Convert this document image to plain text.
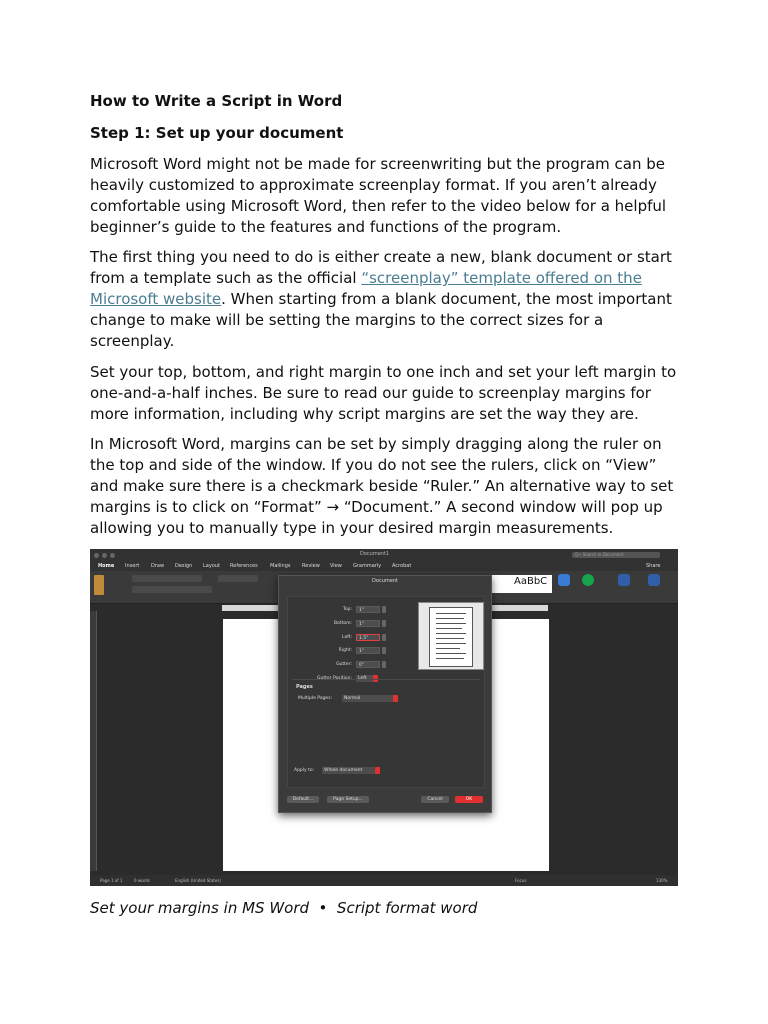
How to Write a Script in Word
Step 1: Set up your document

Microsoft Word might not be made for screenwriting but the program can be heavily customized to approximate screenplay format. If you aren’t already comfortable using Microsoft Word, then refer to the video below for a helpful beginner’s guide to the features and functions of the program.

The first thing you need to do is either create a new, blank document or start from a template such as the official “screenplay” template offered on the Microsoft website. When starting from a blank document, the most important change to make will be setting the margins to the correct sizes for a screenplay.

Set your top, bottom, and right margin to one inch and set your left margin to one-and-a-half inches. Be sure to read our guide to screenplay margins for more information, including why script margins are set the way they are.

In Microsoft Word, margins can be set by simply dragging along the ruler on the top and side of the window. If you do not see the rulers, click on “View” and make sure there is a checkmark beside “Ruler.” An alternative way to set margins is to click on “Format” → “Document.” A second window will pop up allowing you to manually type in your desired margin measurements.

Set your margins in MS Word  •  Script format word
Document1	Q~ Search in Document
Home Insert Draw Design Layout References Mailings Review View Grammarly Acrobat	Share
AaBbC
Document

Top:	1"
Bottom:	1"
Left:	1.5"
Right:	1"
Gutter:	0"
Pages
Multiple Pages:	Normal
Apply to:	Whole document
Default...	Page Setup...	Cancel	OK
Page 1 of 1	0 words	English (United States)	Focus	130%
